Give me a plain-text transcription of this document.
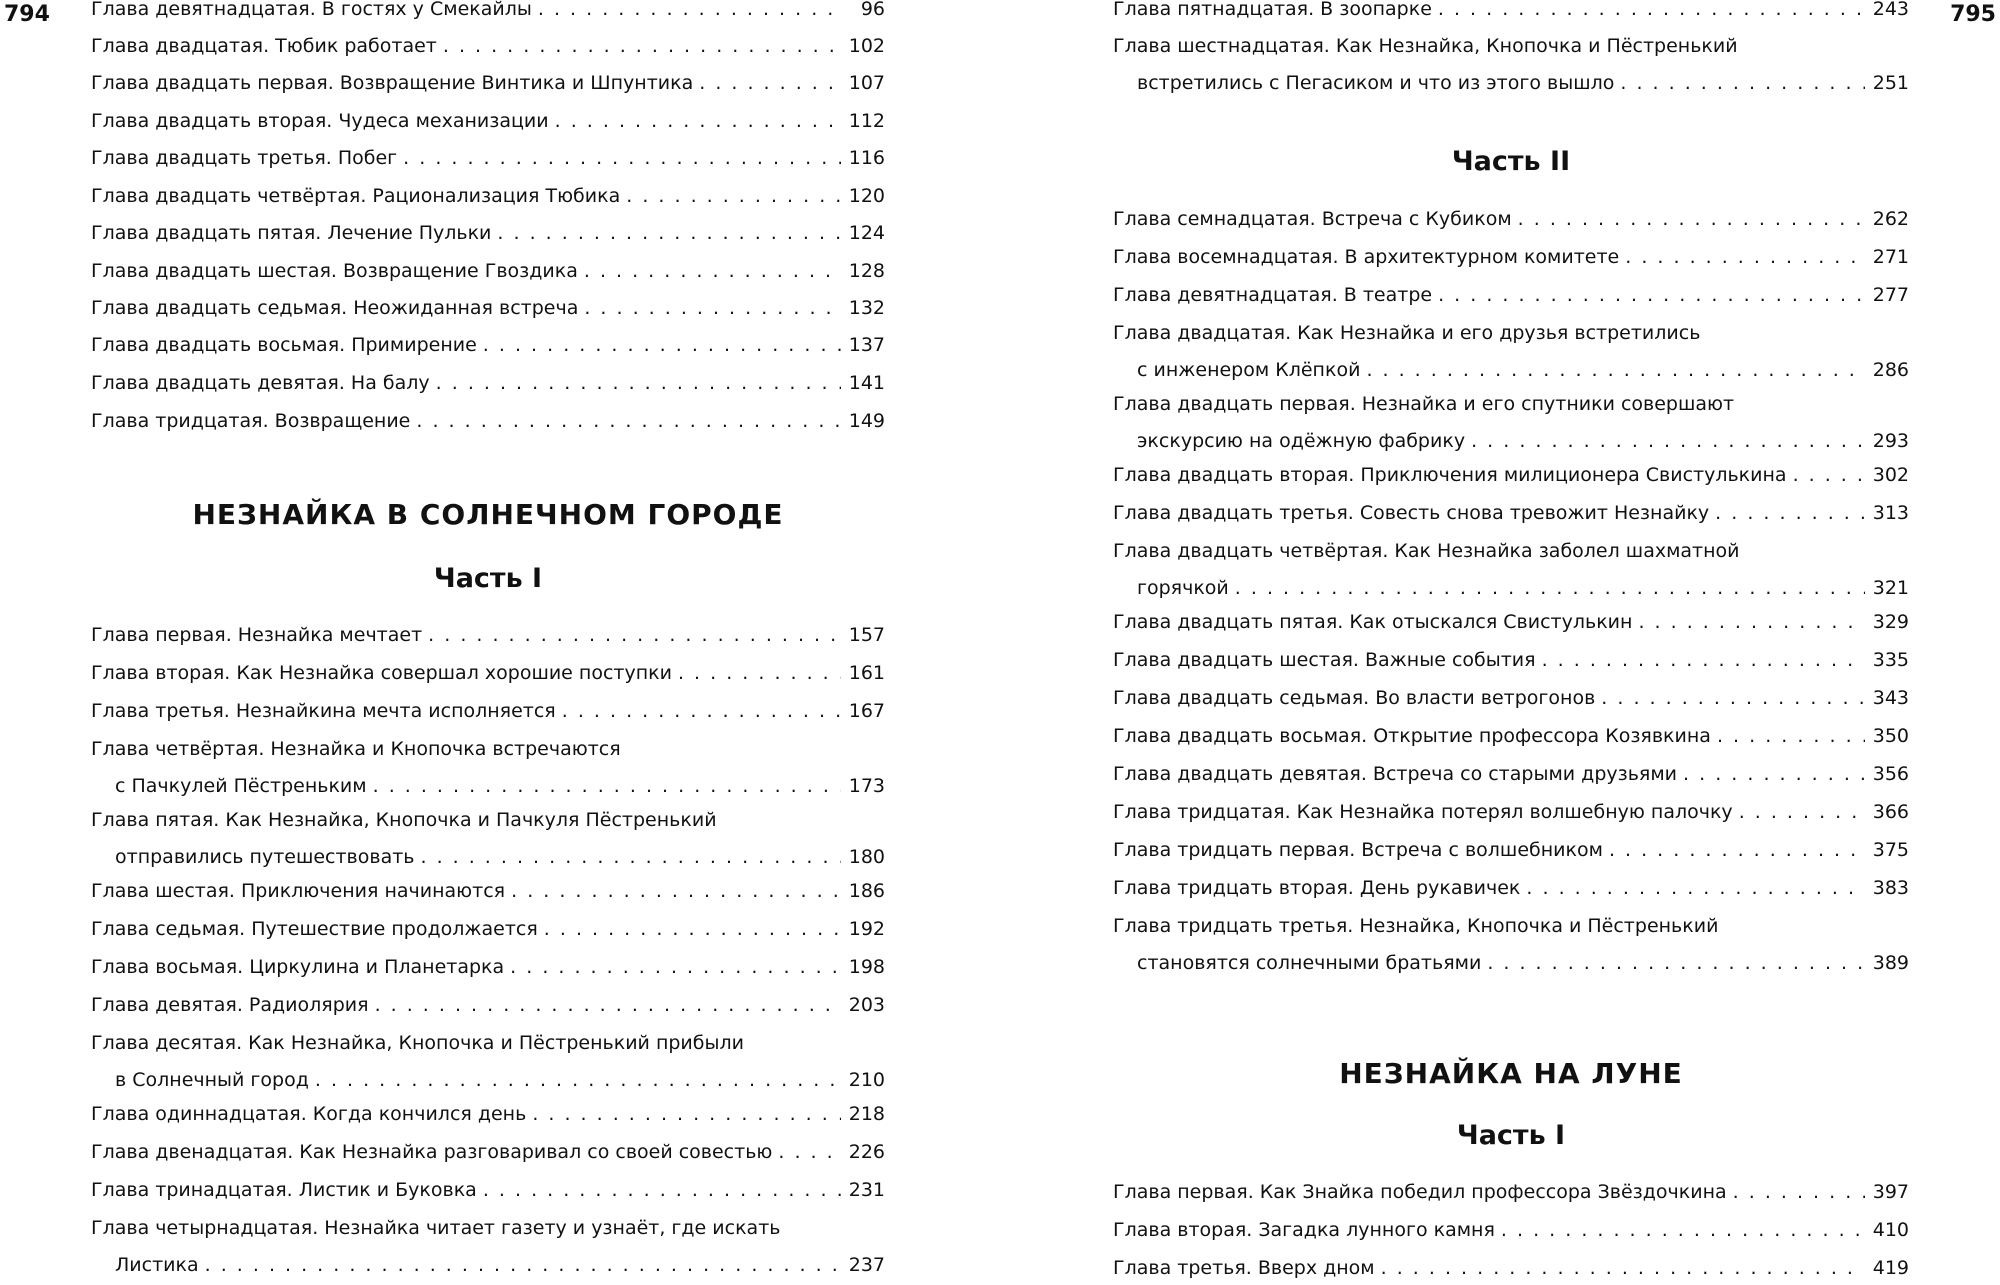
794 Глава девятнадцатая. В гостях у Смекайлы . . .	96
Глава двадцатая. Тюбик работает . . .	102
Глава двадцать первая. Возвращение Винтика и Шпунтика . . .	107
Глава двадцать вторая. Чудеса механизации . . .	112
Глава двадцать третья. Побег . . .	116
Глава двадцать четвёртая. Рационализация Тюбика . . .	120
Глава двадцать пятая. Лечение Пульки . . .	124
Глава двадцать шестая. Возвращение Гвоздика . . .	128
Глава двадцать седьмая. Неожиданная встреча . . .	132
Глава двадцать восьмая. Примирение . . .	137
Глава двадцать девятая. На балу . . .	141
Глава тридцатая. Возвращение . . .	149
НЕЗНАЙКА В СОЛНЕЧНОМ ГОРОДЕ
Часть I
Глава первая. Незнайка мечтает . . .	157
Глава вторая. Как Незнайка совершал хорошие поступки . . .	161
Глава третья. Незнайкина мечта исполняется . . .	167
Глава четвёртая. Незнайка и Кнопочка встречаются
с Пачкулей Пёстреньким . . .	173
Глава пятая. Как Незнайка, Кнопочка и Пачкуля Пёстренький
отправились путешествовать . . .	180
Глава шестая. Приключения начинаются . . .	186
Глава седьмая. Путешествие продолжается . . .	192
Глава восьмая. Циркулина и Планетарка . . .	198
Глава девятая. Радиолярия . . .	203
Глава десятая. Как Незнайка, Кнопочка и Пёстренький прибыли
в Солнечный город . . .	210
Глава одиннадцатая. Когда кончился день . . .	218
Глава двенадцатая. Как Незнайка разговаривал со своей совестью . . .	226
Глава тринадцатая. Листик и Буковка . . .	231
Глава четырнадцатая. Незнайка читает газету и узнаёт, где искать
Листика . . .	237
795
Глава пятнадцатая. В зоопарке . . .	243
Глава шестнадцатая. Как Незнайка, Кнопочка и Пёстренький
встретились с Пегасиком и что из этого вышло . . .	251
Часть II
Глава семнадцатая. Встреча с Кубиком . . .	262
Глава восемнадцатая. В архитектурном комитете . . .	271
Глава девятнадцатая. В театре . . .	277
Глава двадцатая. Как Незнайка и его друзья встретились
с инженером Клёпкой . . .	286
Глава двадцать первая. Незнайка и его спутники совершают
экскурсию на одёжную фабрику . . .	293
Глава двадцать вторая. Приключения милиционера Свистулькина . . .	302
Глава двадцать третья. Совесть снова тревожит Незнайку . . .	313
Глава двадцать четвёртая. Как Незнайка заболел шахматной
горячкой . . .	321
Глава двадцать пятая. Как отыскался Свистулькин . . .	329
Глава двадцать шестая. Важные события . . .	335
Глава двадцать седьмая. Во власти ветрогонов . . .	343
Глава двадцать восьмая. Открытие профессора Козявкина . . .	350
Глава двадцать девятая. Встреча со старыми друзьями . . .	356
Глава тридцатая. Как Незнайка потерял волшебную палочку . . .	366
Глава тридцать первая. Встреча с волшебником . . .	375
Глава тридцать вторая. День рукавичек . . .	383
Глава тридцать третья. Незнайка, Кнопочка и Пёстренький
становятся солнечными братьями . . .	389
НЕЗНАЙКА НА ЛУНЕ
Часть I
Глава первая. Как Знайка победил профессора Звёздочкина . . .	397
Глава вторая. Загадка лунного камня . . .	410
Глава третья. Вверх дном . . .	419
